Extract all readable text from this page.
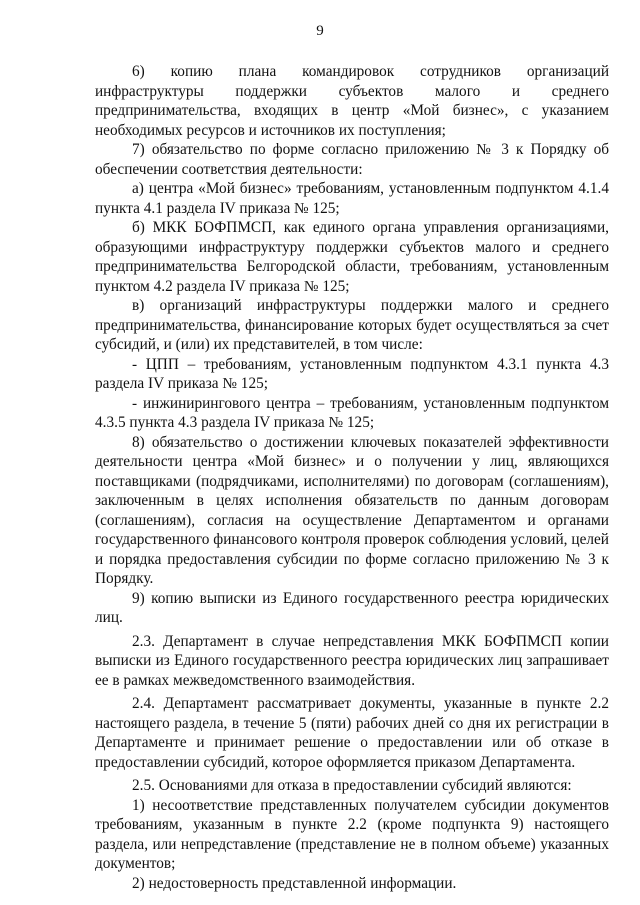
9

6) копию плана командировок сотрудников организаций инфраструктуры поддержки субъектов малого и среднего предпринимательства, входящих в центр «Мой бизнес», с указанием необходимых ресурсов и источников их поступления;

7) обязательство по форме согласно приложению № 3 к Порядку об обеспечении соответствия деятельности:

а) центра «Мой бизнес» требованиям, установленным подпунктом 4.1.4 пункта 4.1 раздела IV приказа № 125;

б) МКК БОФПМСП, как единого органа управления организациями, образующими инфраструктуру поддержки субъектов малого и среднего предпринимательства Белгородской области, требованиям, установленным пунктом 4.2 раздела IV приказа № 125;

в) организаций инфраструктуры поддержки малого и среднего предпринимательства, финансирование которых будет осуществляться за счет субсидий, и (или) их представителей, в том числе:

- ЦПП – требованиям, установленным подпунктом 4.3.1 пункта 4.3 раздела IV приказа № 125;

- инжинирингового центра – требованиям, установленным подпунктом 4.3.5 пункта 4.3 раздела IV приказа № 125;

8) обязательство о достижении ключевых показателей эффективности деятельности центра «Мой бизнес» и о получении у лиц, являющихся поставщиками (подрядчиками, исполнителями) по договорам (соглашениям), заключенным в целях исполнения обязательств по данным договорам (соглашениям), согласия на осуществление Департаментом и органами государственного финансового контроля проверок соблюдения условий, целей и порядка предоставления субсидии по форме согласно приложению № 3 к Порядку.

9) копию выписки из Единого государственного реестра юридических лиц.

2.3. Департамент в случае непредставления МКК БОФПМСП копии выписки из Единого государственного реестра юридических лиц запрашивает ее в рамках межведомственного взаимодействия.

2.4. Департамент рассматривает документы, указанные в пункте 2.2 настоящего раздела, в течение 5 (пяти) рабочих дней со дня их регистрации в Департаменте и принимает решение о предоставлении или об отказе в предоставлении субсидий, которое оформляется приказом Департамента.

2.5. Основаниями для отказа в предоставлении субсидий являются:

1) несоответствие представленных получателем субсидии документов требованиям, указанным в пункте 2.2 (кроме подпункта 9) настоящего раздела, или непредставление (представление не в полном объеме) указанных документов;

2) недостоверность представленной информации.
